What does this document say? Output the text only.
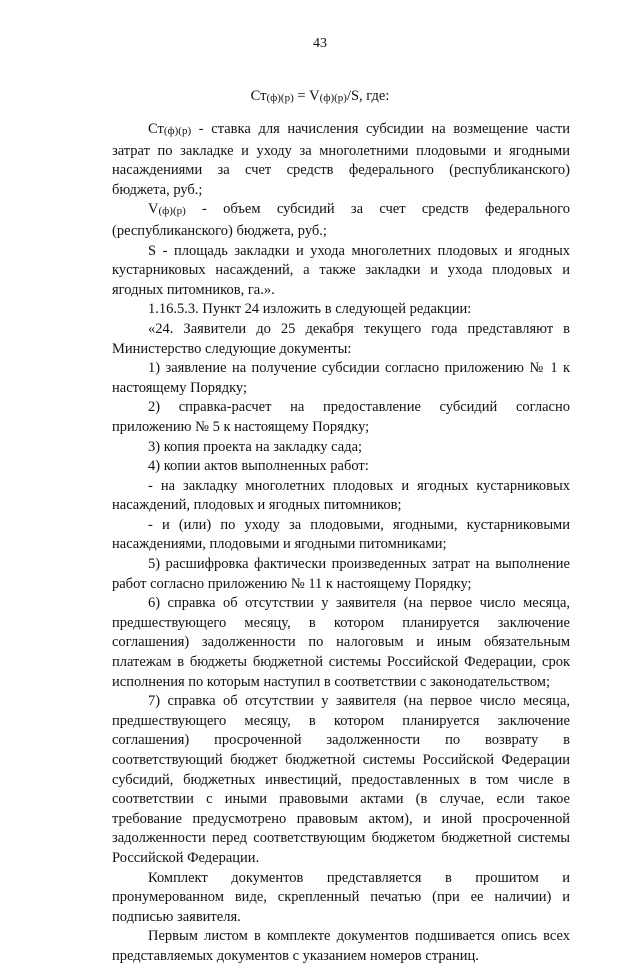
43
$Ст_{(ф)(р)} = V_{(ф)(р)}/S$, где:

$Ст_{(ф)(р)}$ - ставка для начисления субсидии на возмещение части затрат по закладке и уходу за многолетними плодовыми и ягодными насаждениями за счет средств федерального (республиканского) бюджета, руб.;

$V_{(ф)(р)}$ - объем субсидий за счет средств федерального (республиканского) бюджета, руб.;

S - площадь закладки и ухода многолетних плодовых и ягодных кустарниковых насаждений, а также закладки и ухода плодовых и ягодных питомников, га.».

1.16.5.3. Пункт 24 изложить в следующей редакции:

«24. Заявители до 25 декабря текущего года представляют в Министерство следующие документы:

1) заявление на получение субсидии согласно приложению № 1 к настоящему Порядку;

2) справка-расчет на предоставление субсидий согласно приложению № 5 к настоящему Порядку;

3) копия проекта на закладку сада;

4) копии актов выполненных работ:

- на закладку многолетних плодовых и ягодных кустарниковых насаждений, плодовых и ягодных питомников;

- и (или) по уходу за плодовыми, ягодными, кустарниковыми насаждениями, плодовыми и ягодными питомниками;

5) расшифровка фактически произведенных затрат на выполнение работ согласно приложению № 11 к настоящему Порядку;

6) справка об отсутствии у заявителя (на первое число месяца, предшествующего месяцу, в котором планируется заключение соглашения) задолженности по налоговым и иным обязательным платежам в бюджеты бюджетной системы Российской Федерации, срок исполнения по которым наступил в соответствии с законодательством;

7) справка об отсутствии у заявителя (на первое число месяца, предшествующего месяцу, в котором планируется заключение соглашения) просроченной задолженности по возврату в соответствующий бюджет бюджетной системы Российской Федерации субсидий, бюджетных инвестиций, предоставленных в том числе в соответствии с иными правовыми актами (в случае, если такое требование предусмотрено правовым актом), и иной просроченной задолженности перед соответствующим бюджетом бюджетной системы Российской Федерации.

Комплект документов представляется в прошитом и пронумерованном виде, скрепленный печатью (при ее наличии) и подписью заявителя.

Первым листом в комплекте документов подшивается опись всех представляемых документов с указанием номеров страниц.
